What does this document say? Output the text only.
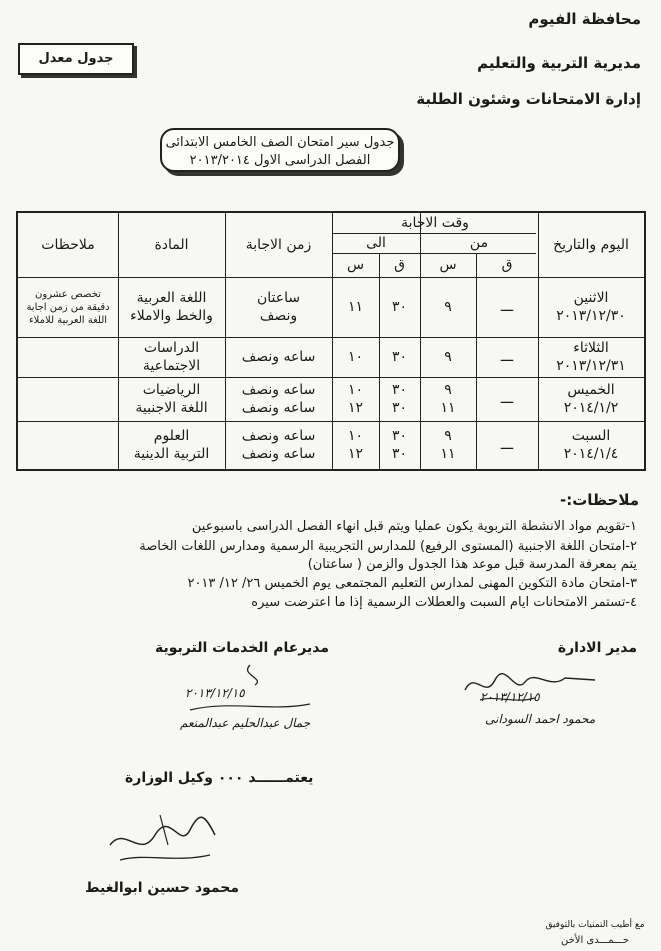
جدول معدل
محافظة الفيوم
مديرية التربية والتعليم
إدارة الامتحانات وشئون الطلبة
جدول سير امتحان الصف الخامس الابتدائى
الفصل الدراسى الاول ٢٠١٣/٢٠١٤
اليوم والتاريخ
وقت الاجابة
من
الى
ق
س
ق
س
زمن الاجابة
المادة
ملاحظات
الاثنين
٢٠١٣/١٢/٣٠
ـــ
٩
٣٠
١١
ساعتان
ونصف
اللغة العربية
والخط والاملاء
تخصص عشرون
دقيقة من زمن اجابة
اللغة العربية للاملاء
الثلاثاء
٢٠١٣/١٢/٣١
ـــ
٩
٣٠
١٠
ساعه ونصف
الدراسات
الاجتماعية
الخميس
٢٠١٤/١/٢
ـــ
٩
١١
٣٠
٣٠
١٠
١٢
ساعه ونصف
ساعه ونصف
الرياضيات
اللغة الاجنبية
السبت
٢٠١٤/١/٤
ـــ
٩
١١
٣٠
٣٠
١٠
١٢
ساعه ونصف
ساعه ونصف
العلوم
التربية الدينية
ملاحظات:-
١-تقويم مواد الانشطة التربوية يكون عمليا ويتم قبل انهاء الفصل الدراسى باسبوعين
٢-امتحان اللغة الاجنبية (المستوى الرفيع) للمدارس التجريبية الرسمية ومدارس اللغات الخاصة
يتم بمعرفة المدرسة قبل موعد هذا الجدول والزمن ( ساعتان)
٣-امتحان مادة التكوين المهنى لمدارس التعليم المجتمعى يوم الخميس ٢٦/ ١٢/ ٢٠١٣
٤-تستمر الامتحانات ايام السبت والعطلات الرسمية إذا ما اعترضت سيره
مدير الادارة
مديرعام الخدمات التربوية
٢٠١٣/١٢/١٥
محمود احمد السودانى
٢٠١٣/١٢/١٥
جمال عبدالحليم عبدالمنعم
يعتمــــــد ٠٠٠ وكيل الوزارة
محمود حسين ابوالغيط
مع أطيب التمنيات بالتوفيق
حـــمـــدى الأخن
